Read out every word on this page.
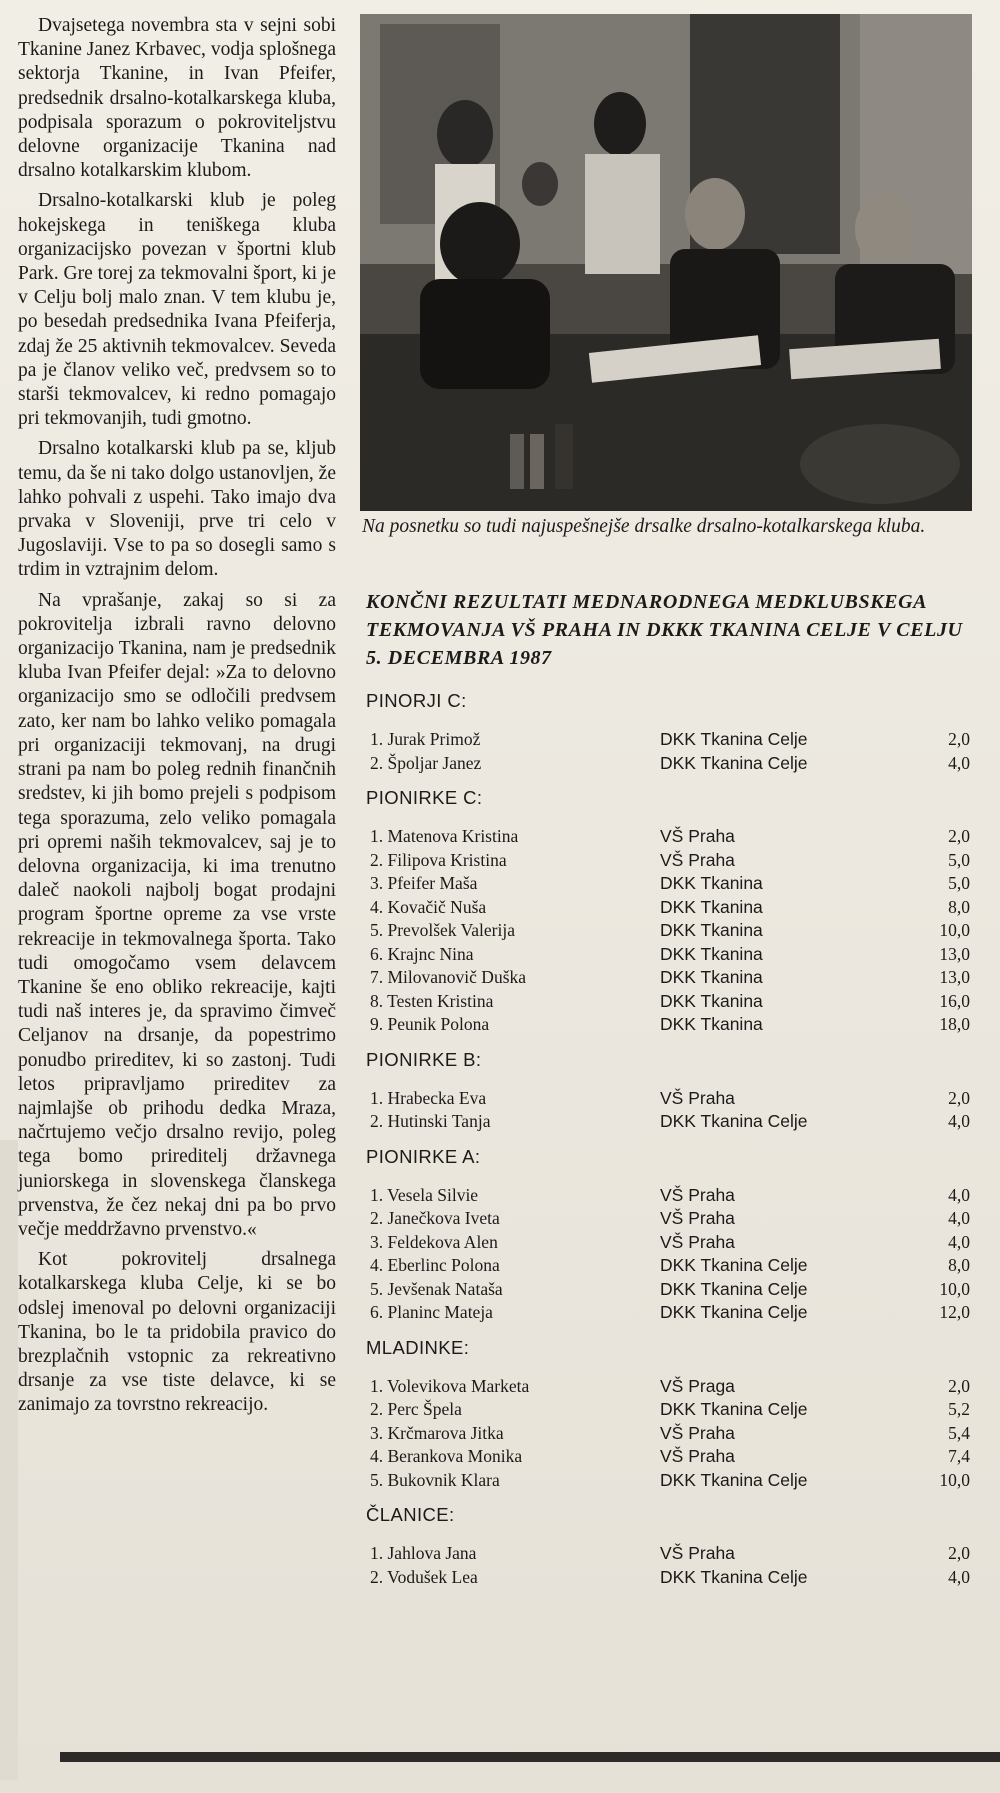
Dvajsetega novembra sta v sejni sobi Tkanine Janez Krbavec, vodja splošnega sektorja Tkanine, in Ivan Pfeifer, predsednik drsalno-kotalkarskega kluba, podpisala sporazum o pokroviteljstvu delovne organizacije Tkanina nad drsalno kotalkarskim klubom.

Drsalno-kotalkarski klub je poleg hokejskega in teniškega kluba organizacijsko povezan v športni klub Park. Gre torej za tekmovalni šport, ki je v Celju bolj malo znan. V tem klubu je, po besedah predsednika Ivana Pfeiferja, zdaj že 25 aktivnih tekmovalcev. Seveda pa je članov veliko več, predvsem so to starši tekmovalcev, ki redno pomagajo pri tekmovanjih, tudi gmotno.

Drsalno kotalkarski klub pa se, kljub temu, da še ni tako dolgo ustanovljen, že lahko pohvali z uspehi. Tako imajo dva prvaka v Sloveniji, prve tri celo v Jugoslaviji. Vse to pa so dosegli samo s trdim in vztrajnim delom.

Na vprašanje, zakaj so si za pokrovitelja izbrali ravno delovno organizacijo Tkanina, nam je predsednik kluba Ivan Pfeifer dejal: »Za to delovno organizacijo smo se odločili predvsem zato, ker nam bo lahko veliko pomagala pri organizaciji tekmovanj, na drugi strani pa nam bo poleg rednih finančnih sredstev, ki jih bomo prejeli s podpisom tega sporazuma, zelo veliko pomagala pri opremi naših tekmovalcev, saj je to delovna organizacija, ki ima trenutno daleč naokoli najbolj bogat prodajni program športne opreme za vse vrste rekreacije in tekmovalnega športa. Tako tudi omogočamo vsem delavcem Tkanine še eno obliko rekreacije, kajti tudi naš interes je, da spravimo čimveč Celjanov na drsanje, da popestrimo ponudbo prireditev, ki so zastonj. Tudi letos pripravljamo prireditev za najmlajše ob prihodu dedka Mraza, načrtujemo večjo drsalno revijo, poleg tega bomo prireditelj državnega juniorskega in slovenskega članskega prvenstva, že čez nekaj dni pa bo prvo večje meddržavno prvenstvo.«

Kot pokrovitelj drsalnega kotalkarskega kluba Celje, ki se bo odslej imenoval po delovni organizaciji Tkanina, bo le ta pridobila pravico do brezplačnih vstopnic za rekreativno drsanje za vse tiste delavce, ki se zanimajo za tovrstno rekreacijo.

Na posnetku so tudi najuspešnejše drsalke drsalno-kotalkarskega kluba.
KONČNI REZULTATI MEDNARODNEGA MEDKLUBSKEGA TEKMOVANJA VŠ PRAHA IN DKKK TKANINA CELJE V CELJU 5. DECEMBRA 1987
PINORJI C:
1. Jurak Primož	DKK Tkanina Celje	2,0
2. Špoljar Janez	DKK Tkanina Celje	4,0
PIONIRKE C:
1. Matenova Kristina	VŠ Praha	2,0
2. Filipova Kristina	VŠ Praha	5,0
3. Pfeifer Maša	DKK Tkanina	5,0
4. Kovačič Nuša	DKK Tkanina	8,0
5. Prevolšek Valerija	DKK Tkanina	10,0
6. Krajnc Nina	DKK Tkanina	13,0
7. Milovanovič Duška	DKK Tkanina	13,0
8. Testen Kristina	DKK Tkanina	16,0
9. Peunik Polona	DKK Tkanina	18,0
PIONIRKE B:
1. Hrabecka Eva	VŠ Praha	2,0
2. Hutinski Tanja	DKK Tkanina Celje	4,0
PIONIRKE A:
1. Vesela Silvie	VŠ Praha	4,0
2. Janečkova Iveta	VŠ Praha	4,0
3. Feldekova Alen	VŠ Praha	4,0
4. Eberlinc Polona	DKK Tkanina Celje	8,0
5. Jevšenak Nataša	DKK Tkanina Celje	10,0
6. Planinc Mateja	DKK Tkanina Celje	12,0
MLADINKE:
1. Volevikova Marketa	VŠ Praga	2,0
2. Perc Špela	DKK Tkanina Celje	5,2
3. Krčmarova Jitka	VŠ Praha	5,4
4. Berankova Monika	VŠ Praha	7,4
5. Bukovnik Klara	DKK Tkanina Celje	10,0
ČLANICE:
1. Jahlova Jana	VŠ Praha	2,0
2. Vodušek Lea	DKK Tkanina Celje	4,0
